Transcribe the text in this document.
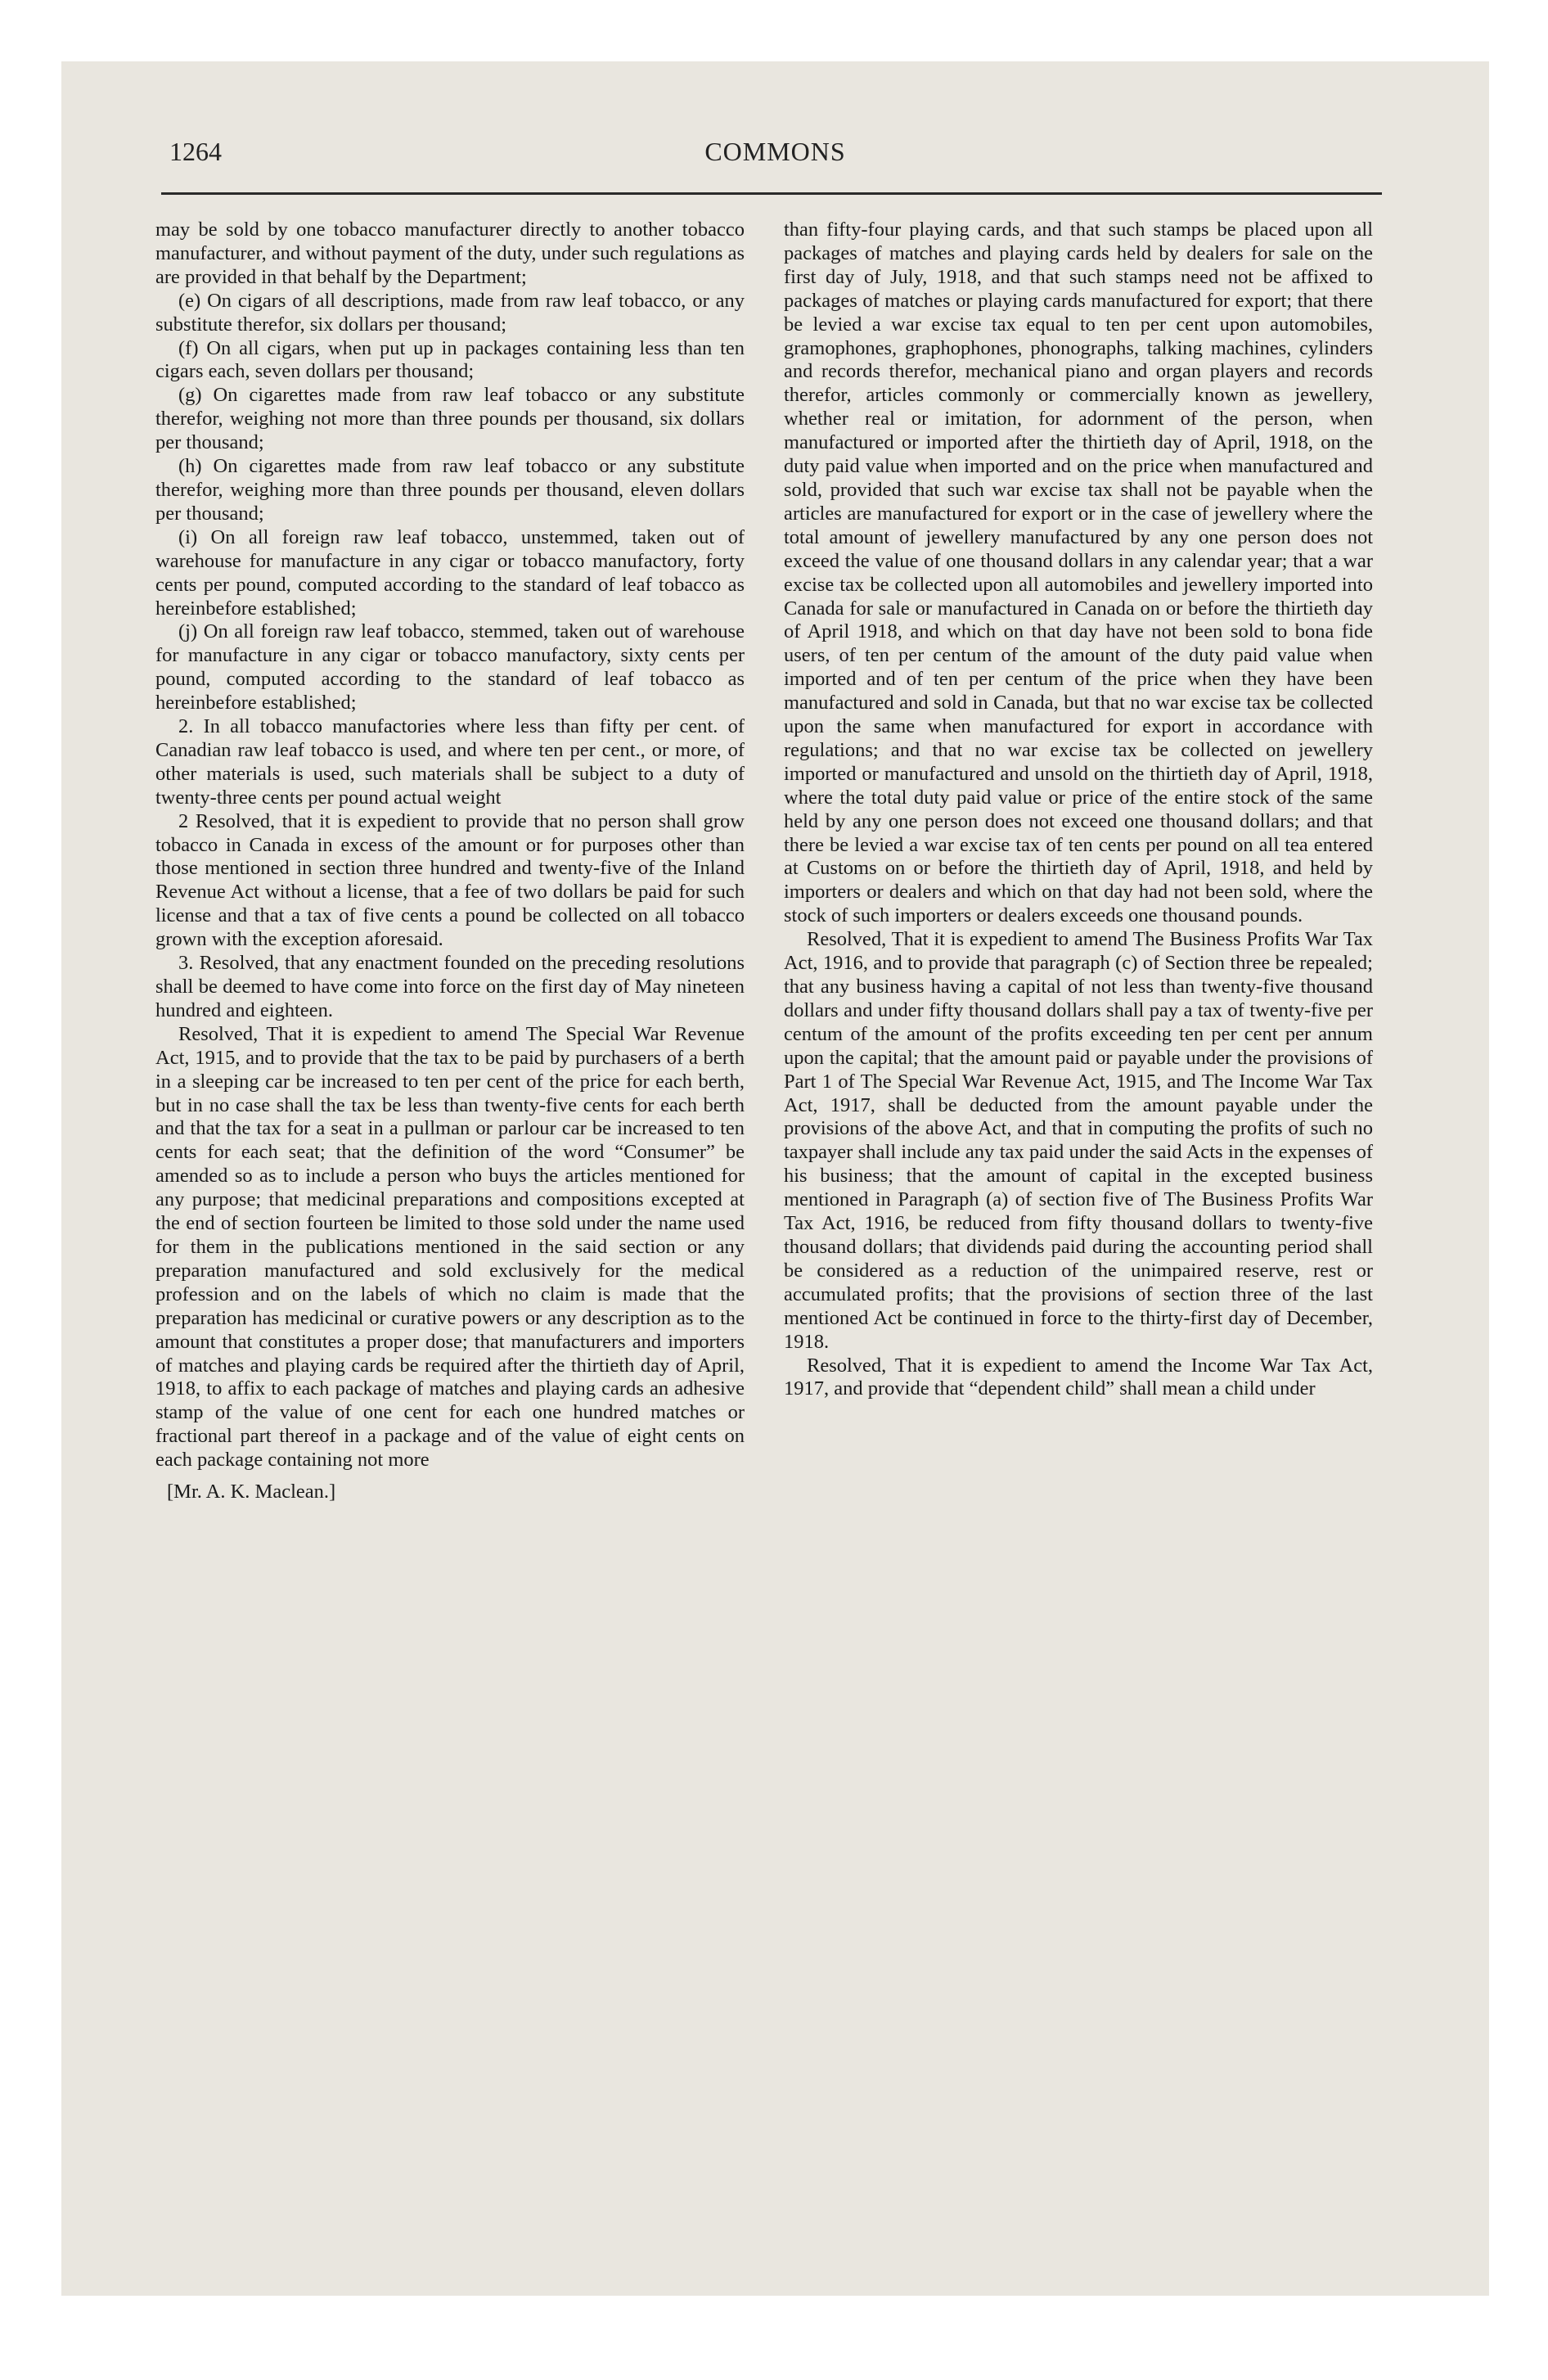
1264	COMMONS

may be sold by one tobacco manufacturer directly to another tobacco manufacturer, and without payment of the duty, under such regulations as are provided in that behalf by the Department;

(e) On cigars of all descriptions, made from raw leaf tobacco, or any substitute therefor, six dollars per thousand;

(f) On all cigars, when put up in packages containing less than ten cigars each, seven dollars per thousand;

(g) On cigarettes made from raw leaf tobacco or any substitute therefor, weighing not more than three pounds per thousand, six dollars per thousand;

(h) On cigarettes made from raw leaf tobacco or any substitute therefor, weighing more than three pounds per thousand, eleven dollars per thousand;

(i) On all foreign raw leaf tobacco, unstemmed, taken out of warehouse for manufacture in any cigar or tobacco manufactory, forty cents per pound, computed according to the standard of leaf tobacco as hereinbefore established;

(j) On all foreign raw leaf tobacco, stemmed, taken out of warehouse for manufacture in any cigar or tobacco manufactory, sixty cents per pound, computed according to the standard of leaf tobacco as hereinbefore established;

2. In all tobacco manufactories where less than fifty per cent. of Canadian raw leaf tobacco is used, and where ten per cent., or more, of other materials is used, such materials shall be subject to a duty of twenty-three cents per pound actual weight

2 Resolved, that it is expedient to provide that no person shall grow tobacco in Canada in excess of the amount or for purposes other than those mentioned in section three hundred and twenty-five of the Inland Revenue Act without a license, that a fee of two dollars be paid for such license and that a tax of five cents a pound be collected on all tobacco grown with the exception aforesaid.

3. Resolved, that any enactment founded on the preceding resolutions shall be deemed to have come into force on the first day of May nineteen hundred and eighteen.

Resolved, That it is expedient to amend The Special War Revenue Act, 1915, and to provide that the tax to be paid by purchasers of a berth in a sleeping car be increased to ten per cent of the price for each berth, but in no case shall the tax be less than twenty-five cents for each berth and that the tax for a seat in a pullman or parlour car be increased to ten cents for each seat; that the definition of the word “Consumer” be amended so as to include a person who buys the articles mentioned for any purpose; that medicinal preparations and compositions excepted at the end of section fourteen be limited to those sold under the name used for them in the publications mentioned in the said section or any preparation manufactured and sold exclusively for the medical profession and on the labels of which no claim is made that the preparation has medicinal or curative powers or any description as to the amount that constitutes a proper dose; that manufacturers and importers of matches and playing cards be required after the thirtieth day of April, 1918, to affix to each package of matches and playing cards an adhesive stamp of the value of one cent for each one hundred matches or fractional part thereof in a package and of the value of eight cents on each package containing not more

[Mr. A. K. Maclean.]

than fifty-four playing cards, and that such stamps be placed upon all packages of matches and playing cards held by dealers for sale on the first day of July, 1918, and that such stamps need not be affixed to packages of matches or playing cards manufactured for export; that there be levied a war excise tax equal to ten per cent upon automobiles, gramophones, graphophones, phonographs, talking machines, cylinders and records therefor, mechanical piano and organ players and records therefor, articles commonly or commercially known as jewellery, whether real or imitation, for adornment of the person, when manufactured or imported after the thirtieth day of April, 1918, on the duty paid value when imported and on the price when manufactured and sold, provided that such war excise tax shall not be payable when the articles are manufactured for export or in the case of jewellery where the total amount of jewellery manufactured by any one person does not exceed the value of one thousand dollars in any calendar year; that a war excise tax be collected upon all automobiles and jewellery imported into Canada for sale or manufactured in Canada on or before the thirtieth day of April 1918, and which on that day have not been sold to bona fide users, of ten per centum of the amount of the duty paid value when imported and of ten per centum of the price when they have been manufactured and sold in Canada, but that no war excise tax be collected upon the same when manufactured for export in accordance with regulations; and that no war excise tax be collected on jewellery imported or manufactured and unsold on the thirtieth day of April, 1918, where the total duty paid value or price of the entire stock of the same held by any one person does not exceed one thousand dollars; and that there be levied a war excise tax of ten cents per pound on all tea entered at Customs on or before the thirtieth day of April, 1918, and held by importers or dealers and which on that day had not been sold, where the stock of such importers or dealers exceeds one thousand pounds.

Resolved, That it is expedient to amend The Business Profits War Tax Act, 1916, and to provide that paragraph (c) of Section three be repealed; that any business having a capital of not less than twenty-five thousand dollars and under fifty thousand dollars shall pay a tax of twenty-five per centum of the amount of the profits exceeding ten per cent per annum upon the capital; that the amount paid or payable under the provisions of Part 1 of The Special War Revenue Act, 1915, and The Income War Tax Act, 1917, shall be deducted from the amount payable under the provisions of the above Act, and that in computing the profits of such no taxpayer shall include any tax paid under the said Acts in the expenses of his business; that the amount of capital in the excepted business mentioned in Paragraph (a) of section five of The Business Profits War Tax Act, 1916, be reduced from fifty thousand dollars to twenty-five thousand dollars; that dividends paid during the accounting period shall be considered as a reduction of the unimpaired reserve, rest or accumulated profits; that the provisions of section three of the last mentioned Act be continued in force to the thirty-first day of December, 1918.

Resolved, That it is expedient to amend the Income War Tax Act, 1917, and provide that “dependent child” shall mean a child under
